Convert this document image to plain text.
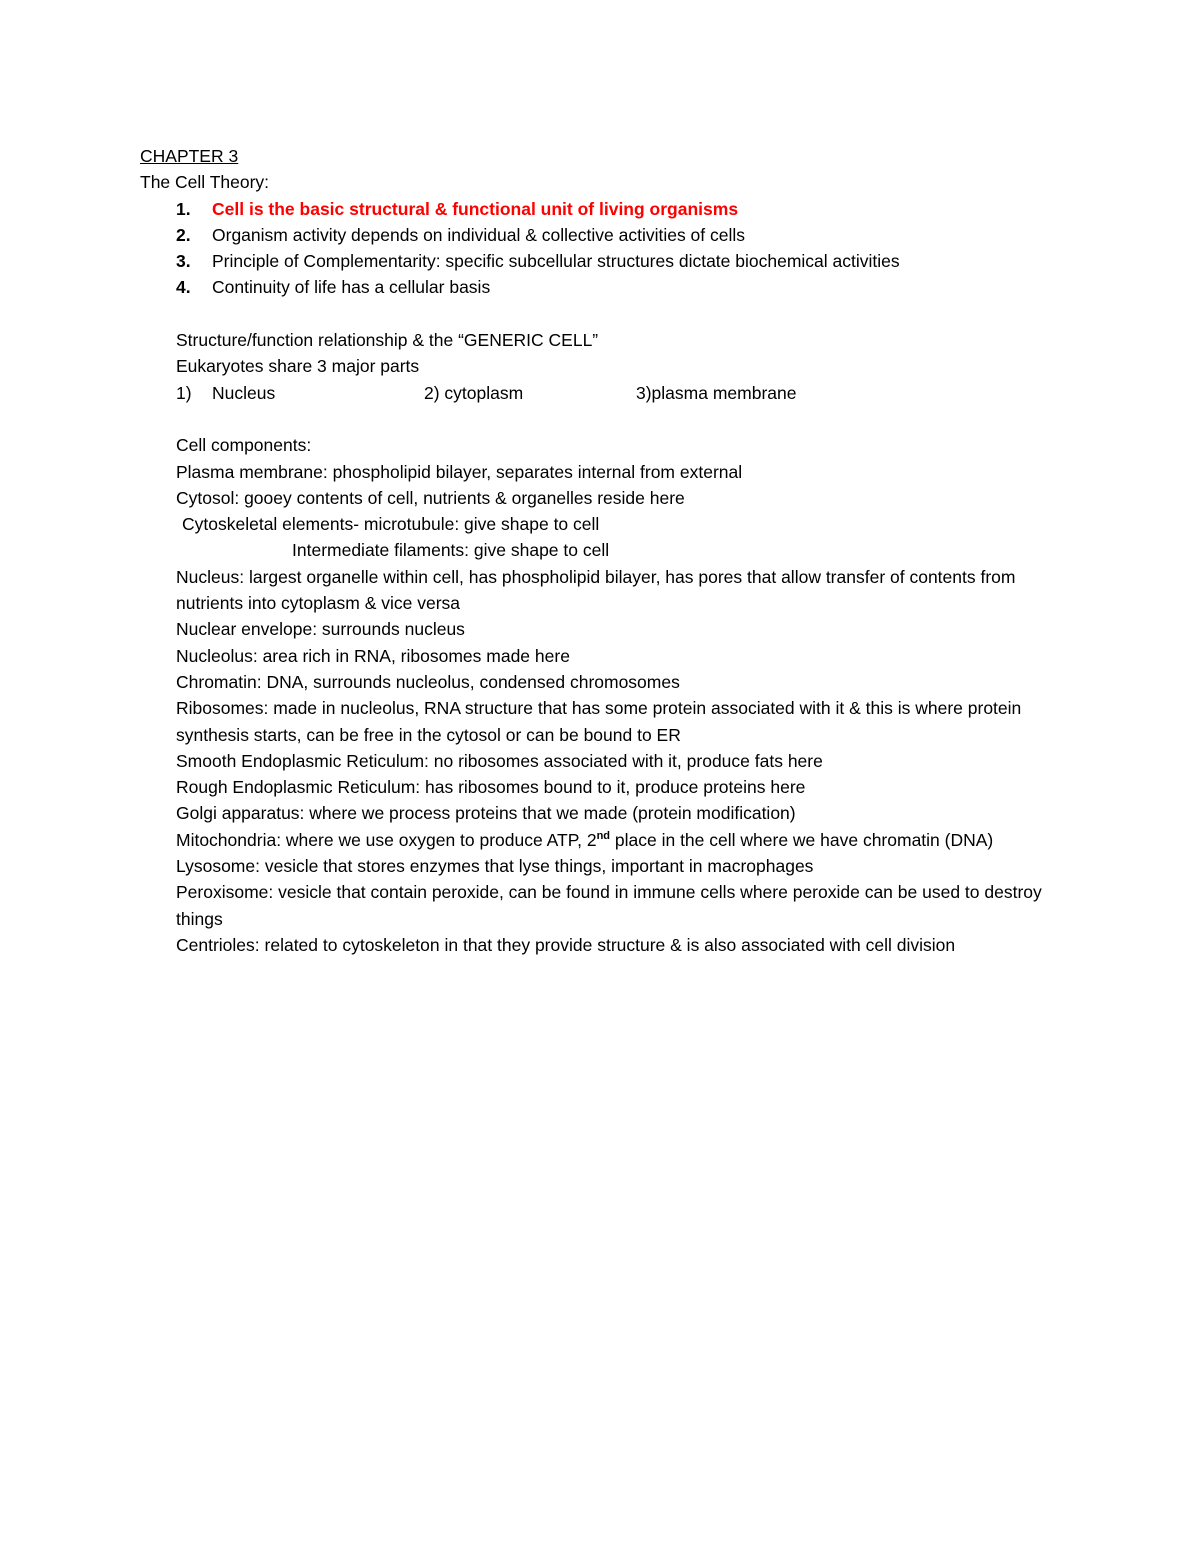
CHAPTER 3
The Cell Theory:
1.	Cell is the basic structural & functional unit of living organisms
2.	Organism activity depends on individual & collective activities of cells
3.	Principle of Complementarity: specific subcellular structures dictate biochemical activities
4.	Continuity of life has a cellular basis
Structure/function relationship & the “GENERIC CELL”
Eukaryotes share 3 major parts
1)	Nucleus	2) cytoplasm	3)plasma membrane
Cell components:
Plasma membrane: phospholipid bilayer, separates internal from external
Cytosol: gooey contents of cell, nutrients & organelles reside here
Cytoskeletal elements- microtubule: give shape to cell
Intermediate filaments: give shape to cell
Nucleus: largest organelle within cell, has phospholipid bilayer, has pores that allow transfer of contents from nutrients into cytoplasm & vice versa
Nuclear envelope: surrounds nucleus
Nucleolus: area rich in RNA, ribosomes made here
Chromatin: DNA, surrounds nucleolus, condensed chromosomes
Ribosomes: made in nucleolus, RNA structure that has some protein associated with it & this is where protein synthesis starts, can be free in the cytosol or can be bound to ER
Smooth Endoplasmic Reticulum: no ribosomes associated with it, produce fats here
Rough Endoplasmic Reticulum: has ribosomes bound to it, produce proteins here
Golgi apparatus: where we process proteins that we made (protein modification)
Mitochondria: where we use oxygen to produce ATP, 2nd place in the cell where we have chromatin (DNA)
Lysosome: vesicle that stores enzymes that lyse things, important in macrophages
Peroxisome: vesicle that contain peroxide, can be found in immune cells where peroxide can be used to destroy things
Centrioles: related to cytoskeleton in that they provide structure & is also associated with cell division
